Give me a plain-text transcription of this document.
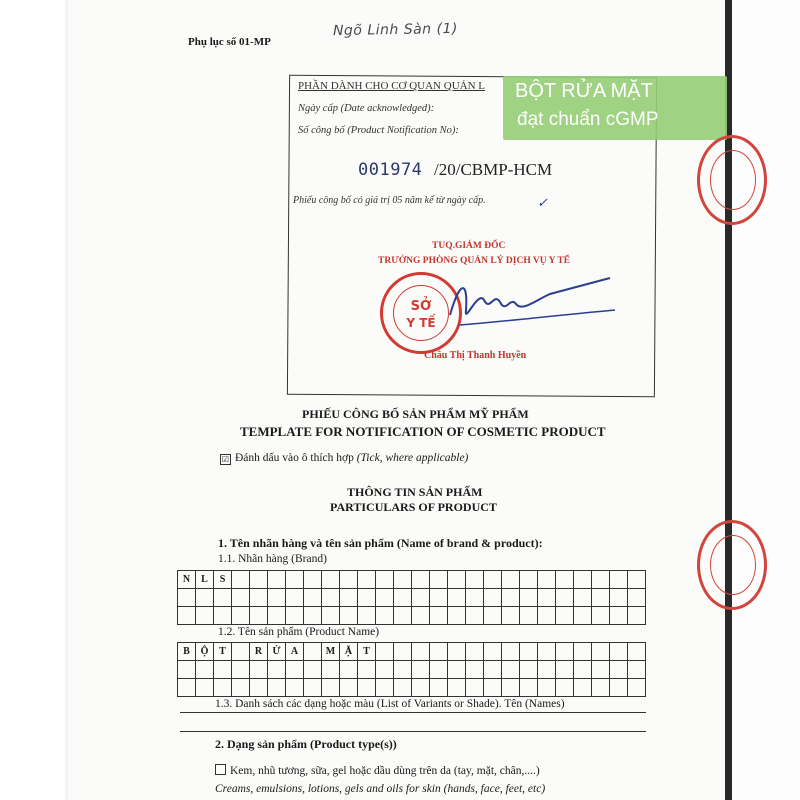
Phụ lục số 01-MP
Ngõ Linh Sàn (1)
PHẦN DÀNH CHO CƠ QUAN QUẢN L
Ngày cấp (Date acknowledged):
Số công bố (Product Notification No):
001974 /20/CBMP-HCM
Phiếu công bố có giá trị 05 năm kể từ ngày cấp.	✓
TUQ.GIÁM ĐỐC
TRƯỞNG PHÒNG QUẢN LÝ DỊCH VỤ Y TẾ
SỞ
Y TẾ
Châu Thị Thanh Huyền
BỘT RỬA MẶT
đạt chuẩn cGMP
PHIẾU CÔNG BỐ SẢN PHẨM MỸ PHẨM
TEMPLATE FOR NOTIFICATION OF COSMETIC PRODUCT
☑ Đánh dấu vào ô thích hợp (Tick, where applicable)
THÔNG TIN SẢN PHẨM
PARTICULARS OF PRODUCT
1. Tên nhãn hàng và tên sản phẩm (Name of brand & product):
1.1. Nhãn hàng (Brand)
N	L	S																							

1.2. Tên sản phẩm (Product Name)
B	Ộ	T		R	Ử	A		M	Ặ	T															

1.3. Danh sách các dạng hoặc màu (List of Variants or Shade). Tên (Names)
2. Dạng sản phẩm (Product type(s))
Kem, nhũ tương, sữa, gel hoặc dầu dùng trên da (tay, mặt, chân,....)
Creams, emulsions, lotions, gels and oils for skin (hands, face, feet, etc)
